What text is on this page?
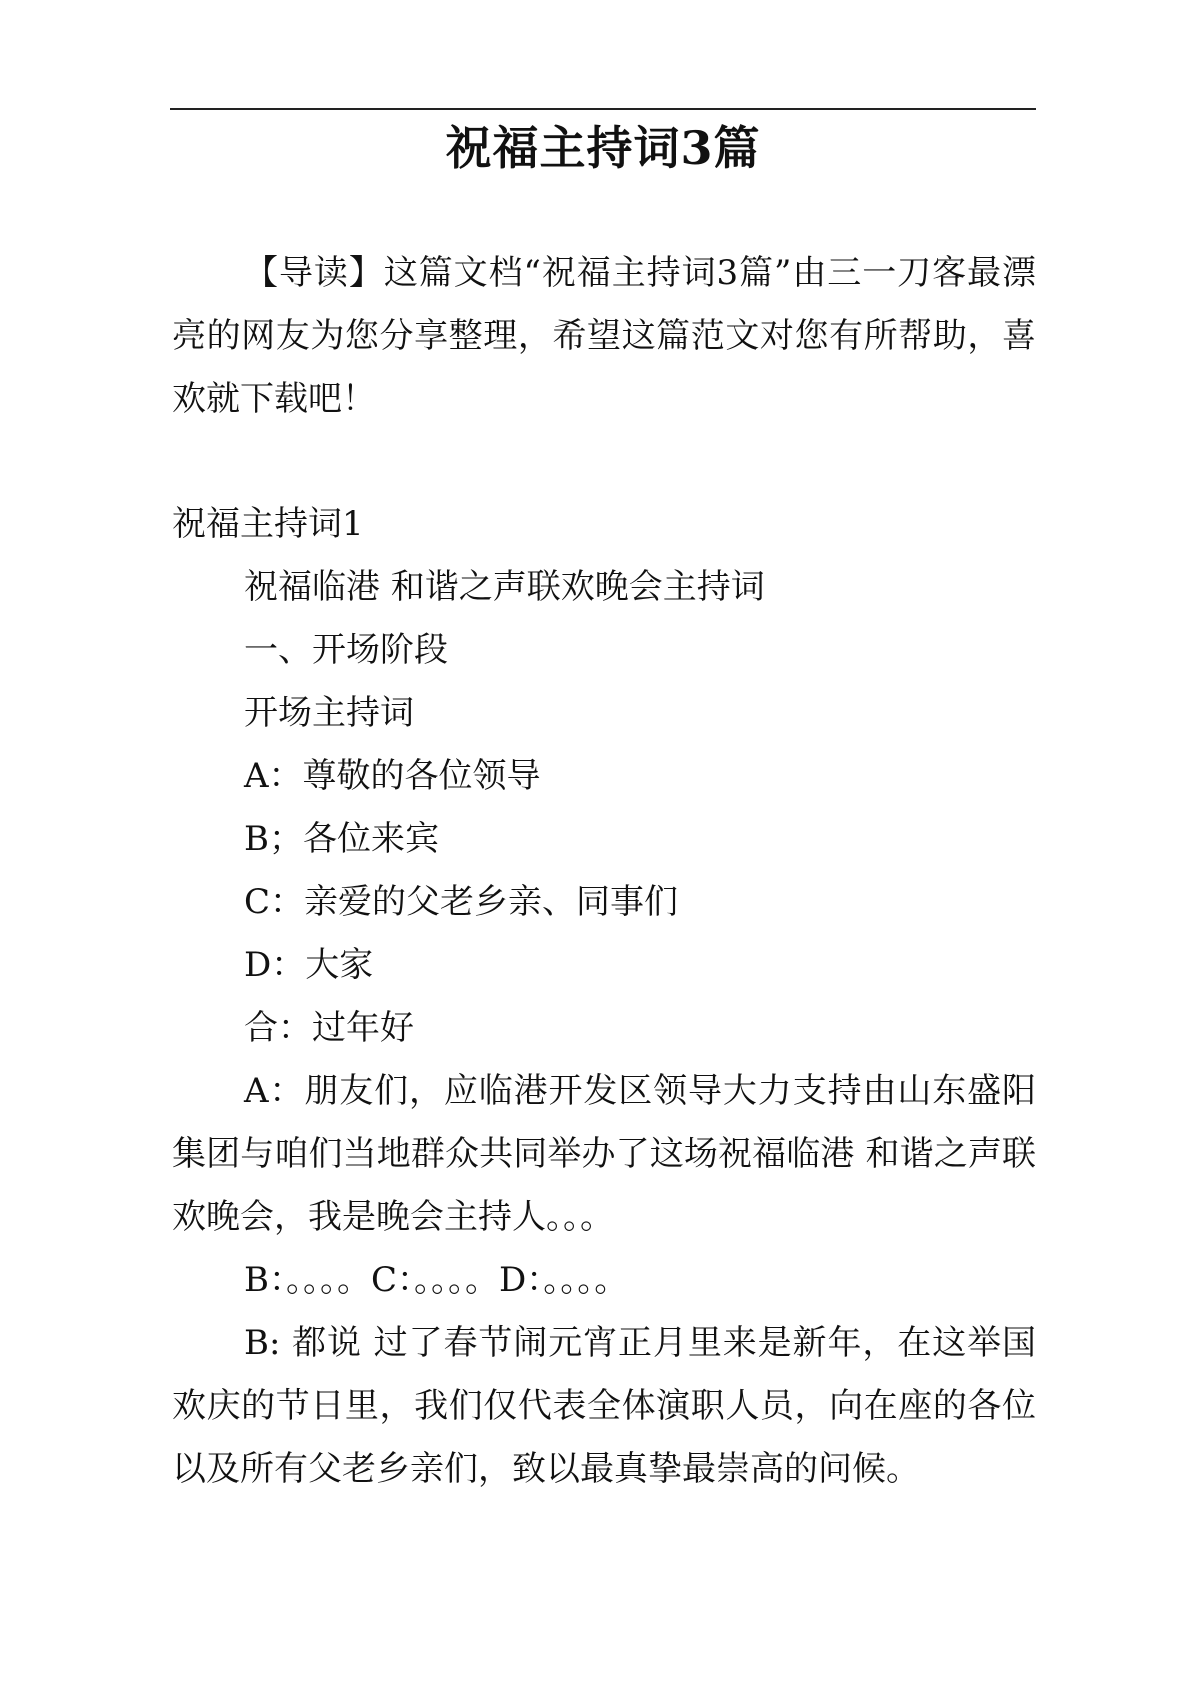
祝福主持词3篇

【导读】这篇文档“祝福主持词3篇”由三一刀客最漂亮的网友为您分享整理，希望这篇范文对您有所帮助，喜欢就下载吧！

祝福主持词1

祝福临港 和谐之声联欢晚会主持词

一、开场阶段

开场主持词

A：尊敬的各位领导

B；各位来宾

C：亲爱的父老乡亲、同事们

D：大家

合：过年好

A：朋友们，应临港开发区领导大力支持由山东盛阳集团与咱们当地群众共同举办了这场祝福临港 和谐之声联欢晚会，我是晚会主持人。。。

B：。。。。C：。。。。D：。。。。

B: 都说 过了春节闹元宵正月里来是新年，在这举国欢庆的节日里，我们仅代表全体演职人员，向在座的各位以及所有父老乡亲们，致以最真挚最崇高的问候。
